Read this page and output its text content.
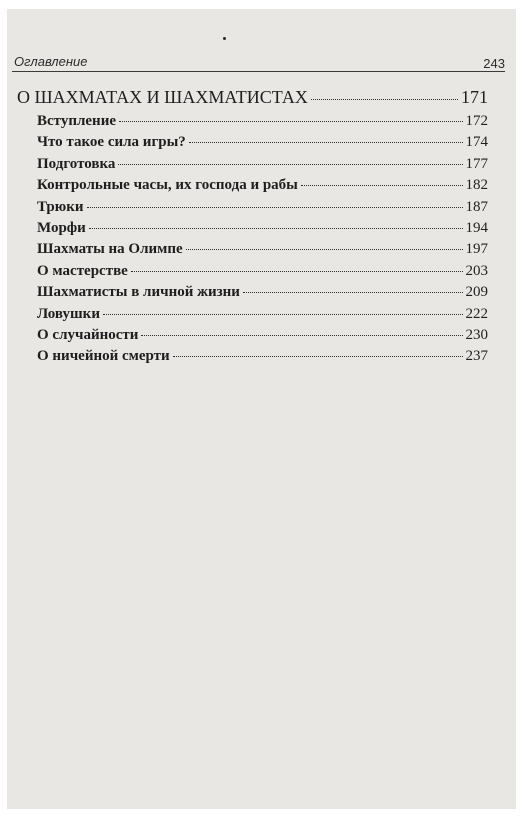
Оглавление	243
О ШАХМАТАХ И ШАХМАТИСТАХ	171
Вступление	172
Что такое сила игры?	174
Подготовка	177
Контрольные часы, их господа и рабы	182
Трюки	187
Морфи	194
Шахматы на Олимпе	197
О мастерстве	203
Шахматисты в личной жизни	209
Ловушки	222
О случайности	230
О ничейной смерти	237
